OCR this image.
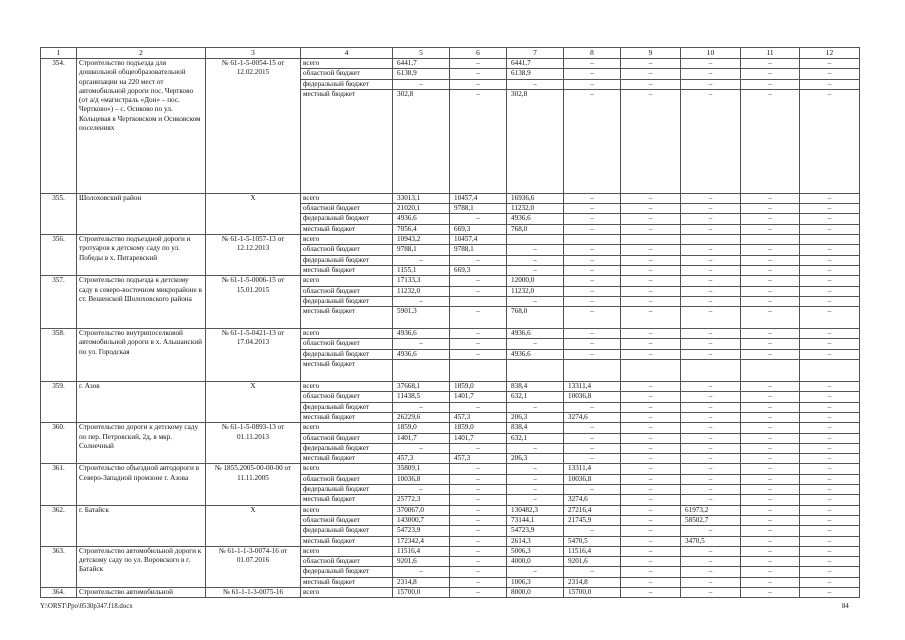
1	2	3	4	5	6	7	8	9	10	11	12
354.	Строительство подъезда для дошкольной общеобразовательной организации на 220 мест от автомобильной дороги пос. Чертково (от а/д «магистраль «Дон» – пос. Чертково») – с. Осиково по ул. Кольцевая в Чертковском и Осиковском поселениях	№ 61-1-5-0054-15 от 12.02.2015	всего	6441,7	–	6441,7	–	–	–	–	–
			областной бюджет	6138,9	–	6138,9	–	–	–	–	–
			федеральный бюджет	–	–	–	–	–	–	–	–
			местный бюджет	302,8	–	302,8	–	–	–	–	–
355.	Шолоховский район	X	всего	33013,1	10457,4	16936,6	–	–	–	–	–
			областной бюджет	21020,1	9788,1	11232,0	–	–	–	–	–
			федеральный бюджет	4936,6	–	4936,6	–	–	–	–	–
			местный бюджет	7056,4	669,3	768,0	–	–	–	–	–
356.	Строительство подъездной дороги и тротуаров к детскому саду по ул. Победы в х. Питаревский	№ 61-1-5-1057-13 от 12.12.2013	всего	10943,2	10457,4						
			областной бюджет	9788,1	9788,1	–	–	–	–	–	–
			федеральный бюджет	–	–	–	–	–	–	–	–
			местный бюджет	1155,1	669,3	–	–	–	–	–	–
357.	Строительство подъезда к детскому саду в северо-восточном микрорайоне в ст. Вешенской Шолоховского района	№ 61-1-5-0006-15 от 15.01.2015	всего	17133,3	–	12000,0	–	–	–	–	–
			областной бюджет	11232,0	–	11232,0	–	–	–	–	–
			федеральный бюджет	–		–	–	–	–	–	–
			местный бюджет	5901,3	–	768,0	–	–	–	–	–
358.	Строительство внутрипоселковой автомобильной дороги в х. Альшанский по ул. Городская	№ 61-1-5-0421-13 от 17.04.2013	всего	4936,6	–	4936,6	–	–	–	–	–
			областной бюджет	–	–	–	–	–	–	–	–
			федеральный бюджет	4936,6	–	4936,6	–	–	–	–	–
			местный бюджет								
359.	г. Азов	X	всего	37668,1	1859,0	838,4	13311,4	–	–	–	–
			областной бюджет	11438,5	1401,7	632,1	10036,8	–	–	–	–
			федеральный бюджет	–	–	–	–	–	–	–	–
			местный бюджет	26229,6	457,3	206,3	3274,6	–	–	–	–
360.	Строительство дороги к детскому саду по пер. Петровский, 2д, в мкр. Солнечный	№ 61-1-5-0893-13 от 01.11.2013	всего	1859,0	1859,0	838,4	–	–	–	–	–
			областной бюджет	1401,7	1401,7	632,1	–	–	–	–	–
			федеральный бюджет	–	–	–	–	–	–	–	–
			местный бюджет	457,3	457,3	206,3	–	–	–	–	–
361.	Строительство объездной автодороги в Северо-Западной промзоне г. Азова	№ 1855.2005-00-00-00 от 11.11.2005	всего	35809,1	–	–	13311,4	–	–	–	–
			областной бюджет	10036,8	–	–	10036,8	–	–	–	–
			федеральный бюджет	–	–	–	–	–	–	–	–
			местный бюджет	25772,3	–	–	3274,6	–	–	–	–
362.	г. Батайск	X	всего	370067,0	–	130482,3	27216,4	–	61973,2	–	–
			областной бюджет	143000,7	–	73144,1	21745,9	–	58502,7	–	–
			федеральный бюджет	54723,9	–	54723,9	–	–	–	–	–
			местный бюджет	172342,4	–	2614,3	5470,5	–	3470,5	–	–
363.	Строительство автомобильной дороги к детскому саду по ул. Воровского в г. Батайск	№ 61-1-1-3-0074-16 от 01.07.2016	всего	11516,4	–	5006,3	11516,4	–	–	–	–
			областной бюджет	9201,6	–	4000,0	9201,6	–	–	–	–
			федеральный бюджет	–	–	–	–	–	–	–	–
			местный бюджет	2314,8	–	1006,3	2314,8	–	–	–	–
364.	Строительство автомобильной	№ 61-1-1-3-0075-16	всего	15700,0	–	8000,0	15700,0	–	–	–	–
Y:\ORST\Ppo\0530p347.f18.docx	84
